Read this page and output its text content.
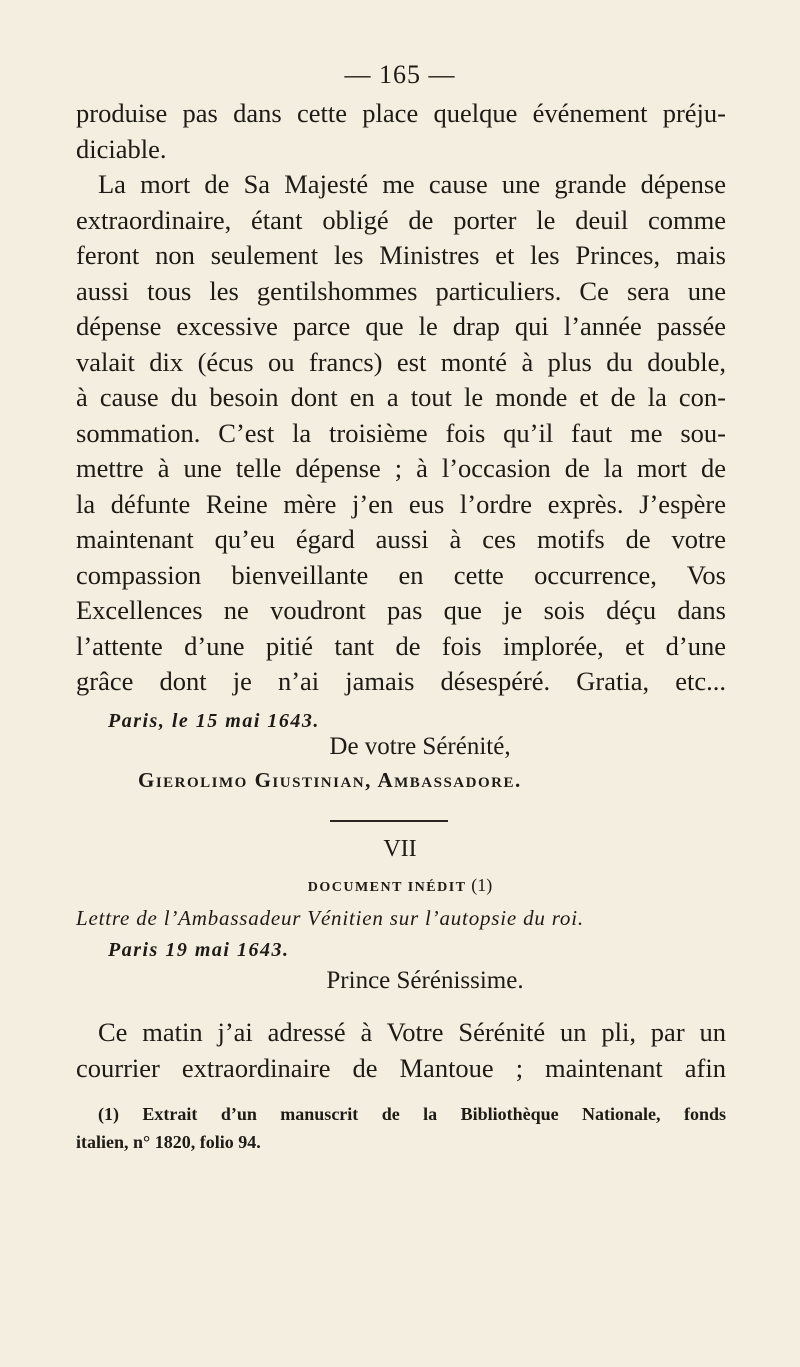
— 165 —
produise pas dans cette place quelque événement préju-
diciable.
La mort de Sa Majesté me cause une grande dépense
extraordinaire, étant obligé de porter le deuil comme
feront non seulement les Ministres et les Princes, mais
aussi tous les gentilshommes particuliers. Ce sera une
dépense excessive parce que le drap qui l’année passée
valait dix (écus ou francs) est monté à plus du double,
à cause du besoin dont en a tout le monde et de la con-
sommation. C’est la troisième fois qu’il faut me sou-
mettre à une telle dépense ; à l’occasion de la mort de
la défunte Reine mère j’en eus l’ordre exprès. J’espère
maintenant qu’eu égard aussi à ces motifs de votre
compassion bienveillante en cette occurrence, Vos
Excellences ne voudront pas que je sois déçu dans
l’attente d’une pitié tant de fois implorée, et d’une
grâce dont je n’ai jamais désespéré. Gratia, etc...
Paris, le 15 mai 1643.
De votre Sérénité,
Gierolimo Giustinian, Ambassadore.
VII
DOCUMENT INÉDIT (1)
Lettre de l’Ambassadeur Vénitien sur l’autopsie du roi.
Paris 19 mai 1643.
Prince Sérénissime.
Ce matin j’ai adressé à Votre Sérénité un pli, par un
courrier extraordinaire de Mantoue ; maintenant afin
(1) Extrait d’un manuscrit de la Bibliothèque Nationale, fonds
italien, n° 1820, folio 94.
